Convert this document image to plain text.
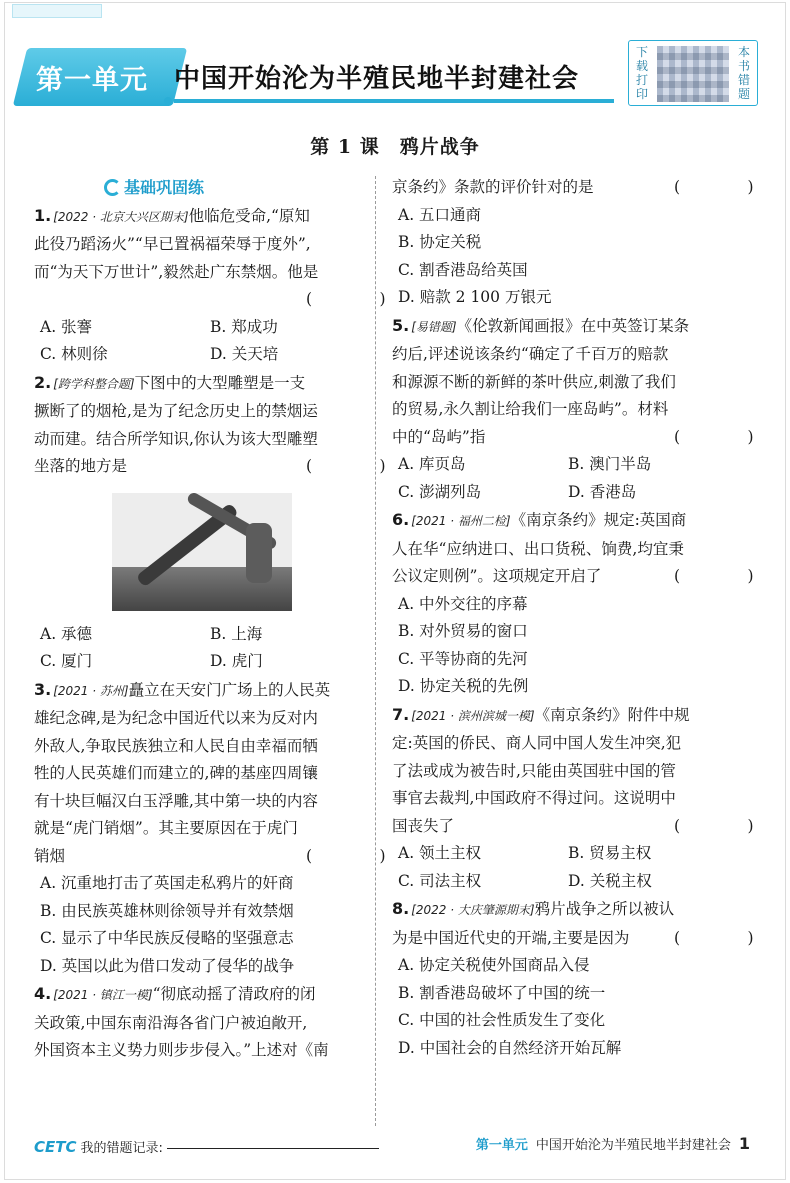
第一单元	中国开始沦为半殖民地半封建社会
下载打印
本书错题
第 1 课　鸦片战争
基础巩固练
1. [2022 · 北京大兴区期末]他临危受命,“原知
此役乃蹈汤火”“早已置祸福荣辱于度外”,
而“为天下万世计”,毅然赴广东禁烟。他是
(　)

A. 张謇	B. 郑成功
C. 林则徐	D. 关天培
2. [跨学科整合题]下图中的大型雕塑是一支
撅断了的烟枪,是为了纪念历史上的禁烟运
动而建。结合所学知识,你认为该大型雕塑
(　)
坐落的地方是
A. 承德	B. 上海
C. 厦门	D. 虎门
3. [2021 · 苏州]矗立在天安门广场上的人民英
雄纪念碑,是为纪念中国近代以来为反对内
外敌人,争取民族独立和人民自由幸福而牺
牲的人民英雄们而建立的,碑的基座四周镶
有十块巨幅汉白玉浮雕,其中第一块的内容
就是“虎门销烟”。其主要原因在于虎门
(　)
销烟
A. 沉重地打击了英国走私鸦片的奸商
B. 由民族英雄林则徐领导并有效禁烟
C. 显示了中华民族反侵略的坚强意志
D. 英国以此为借口发动了侵华的战争
4. [2021 · 镇江一模]“彻底动摇了清政府的闭
关政策,中国东南沿海各省门户被迫敞开,
外国资本主义势力则步步侵入。”上述对《南
(　)
京条约》条款的评价针对的是
A. 五口通商
B. 协定关税
C. 割香港岛给英国
D. 赔款 2 100 万银元
5. [易错题]《伦敦新闻画报》在中英签订某条
约后,评述说该条约“确定了千百万的赔款
和源源不断的新鲜的茶叶供应,刺激了我们
的贸易,永久割让给我们一座岛屿”。材料
(　)
中的“岛屿”指
A. 库页岛	B. 澳门半岛
C. 澎湖列岛	D. 香港岛
6. [2021 · 福州二检]《南京条约》规定:英国商
人在华“应纳进口、出口货税、饷费,均宜秉
(　)
公议定则例”。这项规定开启了
A. 中外交往的序幕
B. 对外贸易的窗口
C. 平等协商的先河
D. 协定关税的先例
7. [2021 · 滨州滨城一模]《南京条约》附件中规
定:英国的侨民、商人同中国人发生冲突,犯
了法或成为被告时,只能由英国驻中国的管
事官去裁判,中国政府不得过问。这说明中
(　)
国丧失了
A. 领土主权	B. 贸易主权
C. 司法主权	D. 关税主权
8. [2022 · 大庆肇源期末]鸦片战争之所以被认
(　)
为是中国近代史的开端,主要是因为
A. 协定关税使外国商品入侵
B. 割香港岛破坏了中国的统一
C. 中国的社会性质发生了变化
D. 中国社会的自然经济开始瓦解
CETC 我的错题记录:	第一单元 中国开始沦为半殖民地半封建社会 1
